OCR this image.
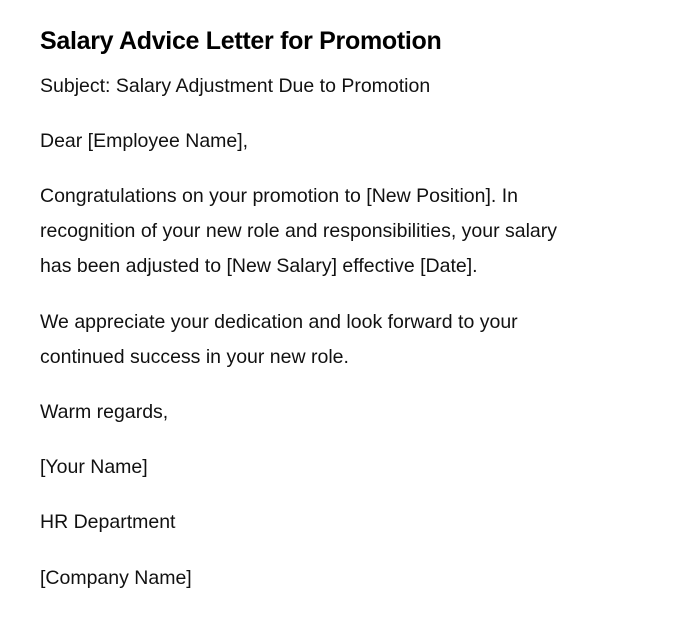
Salary Advice Letter for Promotion

Subject: Salary Adjustment Due to Promotion

Dear [Employee Name],

Congratulations on your promotion to [New Position]. In
recognition of your new role and responsibilities, your salary
has been adjusted to [New Salary] effective [Date].

We appreciate your dedication and look forward to your
continued success in your new role.

Warm regards,

[Your Name]

HR Department

[Company Name]
